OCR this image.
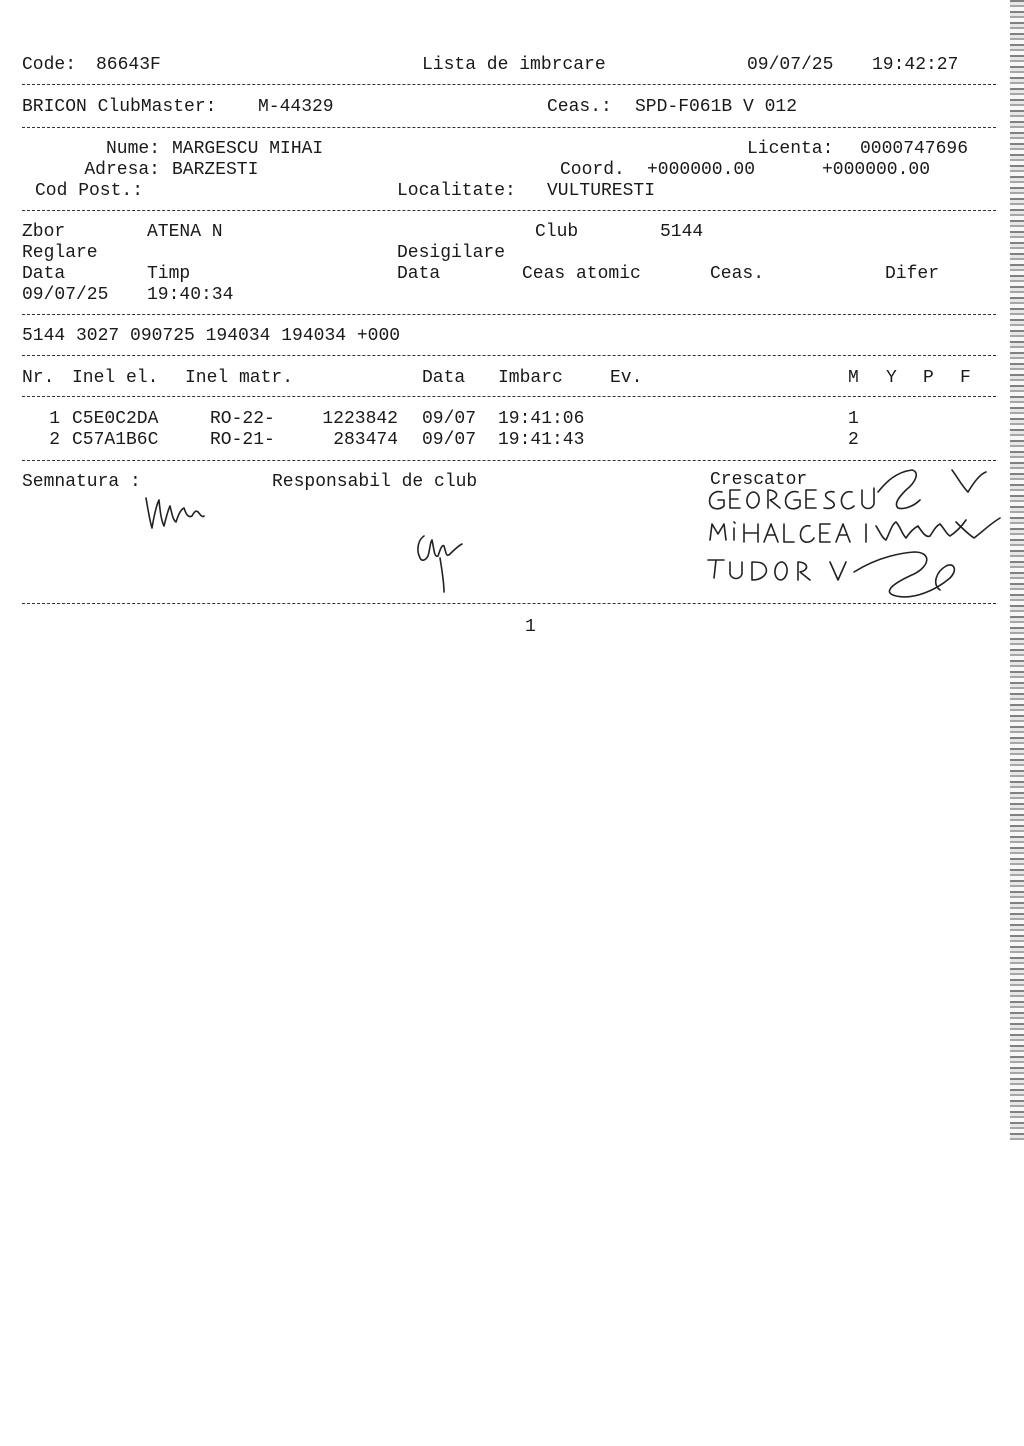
Code: 86643F	Lista de imbrcare	09/07/25 19:42:27
BRICON ClubMaster: M-44329	Ceas.: SPD-F061B V 012
Nume: MARGESCU MIHAI	Licenta: 0000747696
Adresa: BARZESTI	Coord. +000000.00	+000000.00
Cod Post.:	Localitate: VULTURESTI
Zbor	ATENA N	Club	5144
Reglare	Desigilare
Data	Timp	Data	Ceas atomic	Ceas.	Difer
09/07/25 19:40:34
5144 3027 090725 194034 194034 +000
Nr. Inel el. Inel matr.	Data Imbarc	Ev.	M Y P F
1 C5E0C2DA	RO-22-	1223842 09/07 19:41:06	1
2 C57A1B6C	RO-21-	283474 09/07 19:41:43	2
Semnatura :	Responsabil de club	Crescator
1
